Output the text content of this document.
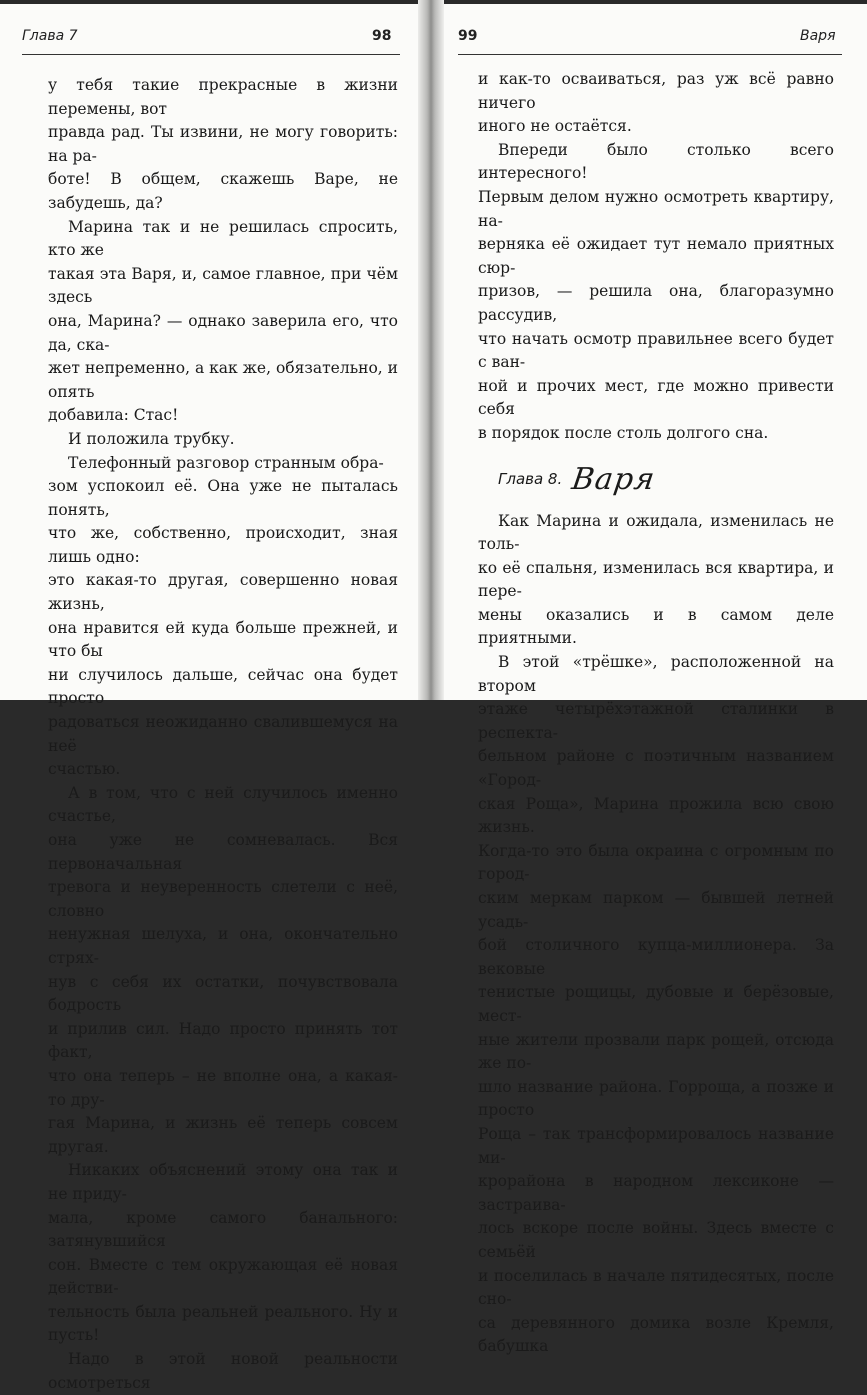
Глава 7	98

у тебя такие прекрасные в жизни перемены, вот

правда рад. Ты извини, не могу говорить: на ра-

боте! В общем, скажешь Варе, не забудешь, да?

Марина так и не решилась спросить, кто же

такая эта Варя, и, самое главное, при чём здесь

она, Марина? — однако заверила его, что да, ска-

жет непременно, а как же, обязательно, и опять

добавила: Стас!

И положила трубку.

Телефонный разговор странным обра-

зом успокоил её. Она уже не пыталась понять,

что же, собственно, происходит, зная лишь одно:

это какая-то другая, совершенно новая жизнь,

она нравится ей куда больше прежней, и что бы

ни случилось дальше, сейчас она будет просто

радоваться неожиданно свалившемуся на неё

счастью.

А в том, что с ней случилось именно счастье,

она уже не сомневалась. Вся первоначальная

тревога и неуверенность слетели с неё, словно

ненужная шелуха, и она, окончательно стрях-

нув с себя их остатки, почувствовала бодрость

и прилив сил. Надо просто принять тот факт,

что она теперь – не вполне она, а какая-то дру-

гая Марина, и жизнь её теперь совсем другая.

Никаких объяснений этому она так и не приду-

мала, кроме самого банального: затянувшийся

сон. Вместе с тем окружающая её новая действи-

тельность была реальней реального. Ну и пусть!

Надо в этой новой реальности осмотреться

99	Варя

и как-то осваиваться, раз уж всё равно ничего

иного не остаётся.

Впереди было столько всего интересного!

Первым делом нужно осмотреть квартиру, на-

верняка её ожидает тут немало приятных сюр-

призов, — решила она, благоразумно рассудив,

что начать осмотр правильнее всего будет с ван-

ной и прочих мест, где можно привести себя

в порядок после столь долгого сна.

Глава 8. Варя

Как Марина и ожидала, изменилась не толь-

ко её спальня, изменилась вся квартира, и пере-

мены оказались и в самом деле приятными.

В этой «трёшке», расположенной на втором

этаже четырёхэтажной сталинки в респекта-

бельном районе с поэтичным названием «Город-

ская Роща», Марина прожила всю свою жизнь.

Когда-то это была окраина с огромным по город-

ским меркам парком — бывшей летней усадь-

бой столичного купца-миллионера. За вековые

тенистые рощицы, дубовые и берёзовые, мест-

ные жители прозвали парк рощей, отсюда же по-

шло название района. Горроща, а позже и просто

Роща – так трансформировалось название ми-

крорайона в народном лексиконе — застраива-

лось вскоре после войны. Здесь вместе с семьёй

и поселилась в начале пятидесятых, после сно-

са деревянного домика возле Кремля, бабушка
